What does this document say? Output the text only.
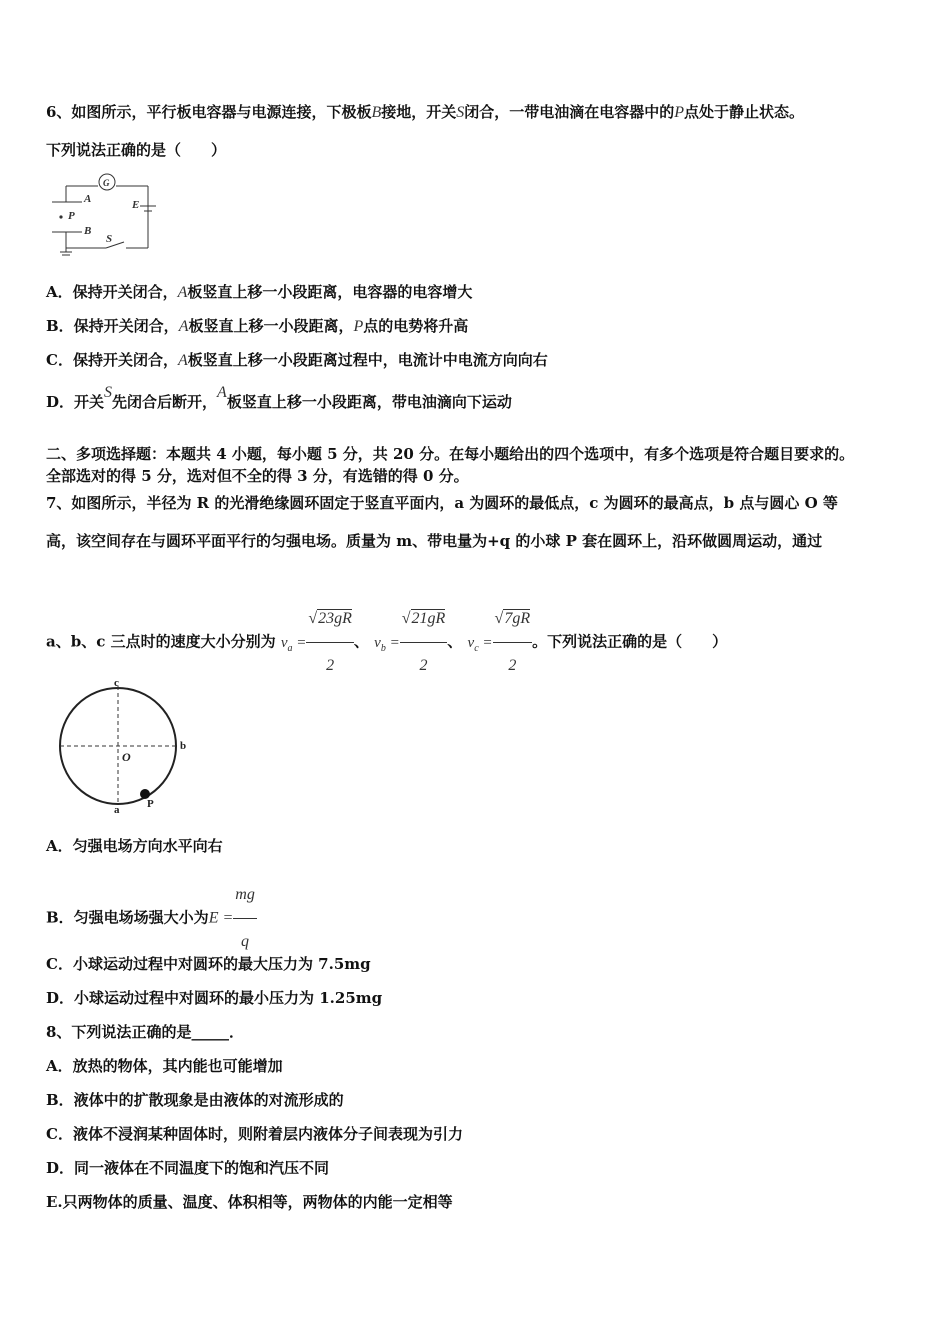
6、如图所示，平行板电容器与电源连接，下极板B接地，开关S闭合，一带电油滴在电容器中的P点处于静止状态。
下列说法正确的是（　　）
G
A
P
B
E
S
A．保持开关闭合，A板竖直上移一小段距离，电容器的电容增大
B．保持开关闭合，A板竖直上移一小段距离，P点的电势将升高
C．保持开关闭合，A板竖直上移一小段距离过程中，电流计中电流方向向右
D．开关S先闭合后断开，A板竖直上移一小段距离，带电油滴向下运动
二、多项选择题：本题共 4 小题，每小题 5 分，共 20 分。在每小题给出的四个选项中，有多个选项是符合题目要求的。
全部选对的得 5 分，选对但不全的得 3 分，有选错的得 0 分。
7、如图所示，半径为 R 的光滑绝缘圆环固定于竖直平面内，a 为圆环的最低点，c 为圆环的最高点，b 点与圆心 O 等
高，该空间存在与圆环平面平行的匀强电场。质量为 m、带电量为+q 的小球 P 套在圆环上，沿环做圆周运动，通过
a、b、c 三点时的速度大小分别为 $v_a = \frac{√23gR}{2}$ 、 $v_b = \frac{√21gR}{2}$ 、 $v_c = \frac{√7gR}{2}$ 。下列说法正确的是（　　）
c
b
O
a	P
A．匀强电场方向水平向右
B．匀强电场场强大小为$E = \frac{mg}{q}$
C．小球运动过程中对圆环的最大压力为 7.5mg
D．小球运动过程中对圆环的最小压力为 1.25mg
8、下列说法正确的是_____．
A．放热的物体，其内能也可能增加
B．液体中的扩散现象是由液体的对流形成的
C．液体不浸润某种固体时，则附着层内液体分子间表现为引力
D．同一液体在不同温度下的饱和汽压不同
E.只两物体的质量、温度、体积相等，两物体的内能一定相等
